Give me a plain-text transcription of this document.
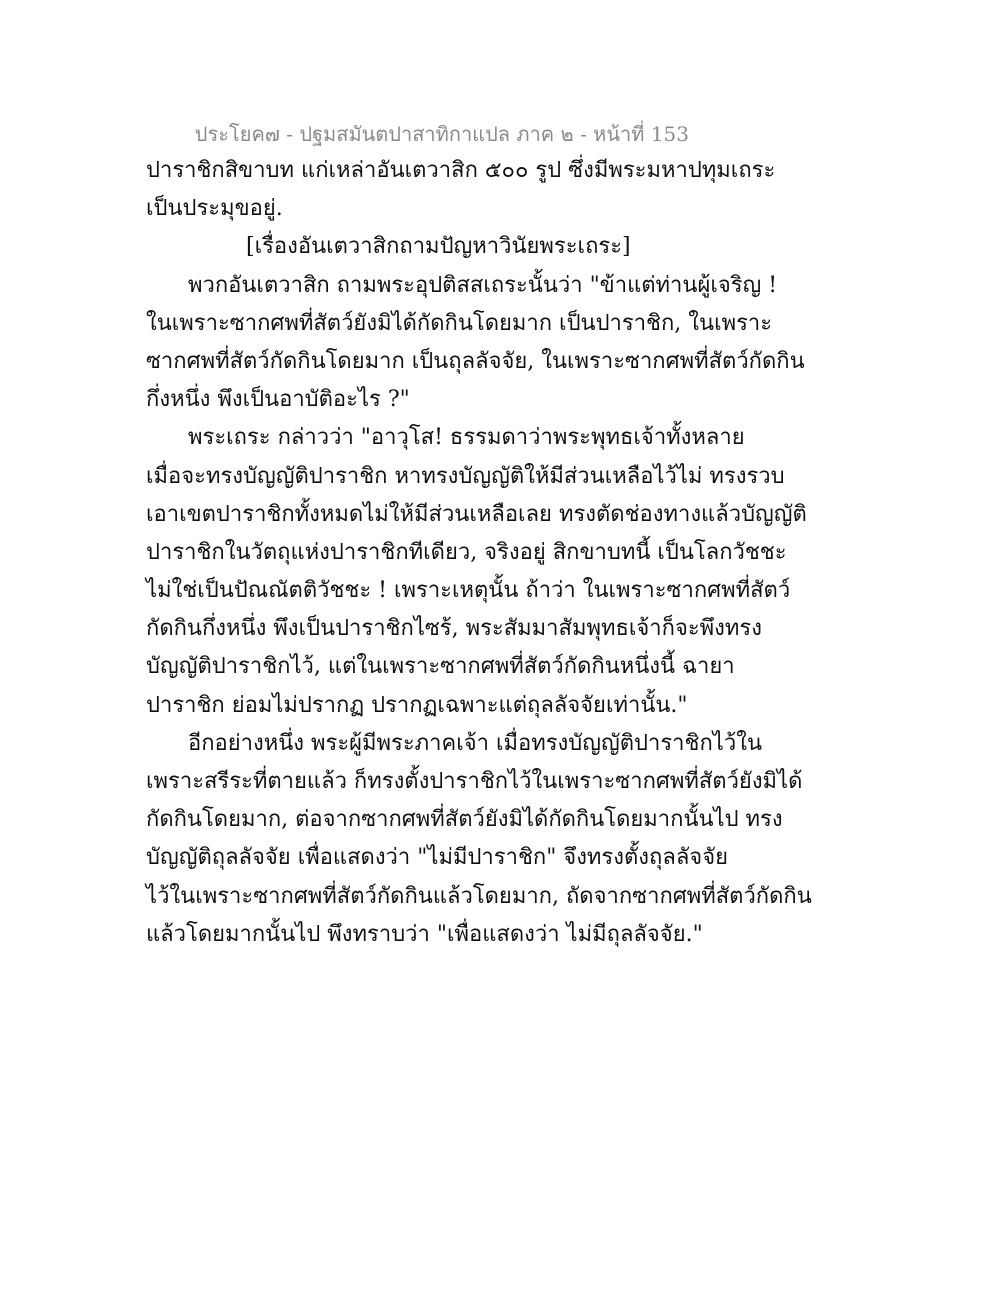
ประโยค๗ - ปฐมสมันตปาสาทิกาแปล ภาค ๒ - หน้าที่ 153
ปาราชิกสิขาบท แก่เหล่าอันเตวาสิก ๕๐๐ รูป ซึ่งมีพระมหาปทุมเถระ
เป็นประมุขอยู่.
[เรื่องอันเตวาสิกถามปัญหาวินัยพระเถระ]
พวกอันเตวาสิก ถามพระอุปติสสเถระนั้นว่า "ข้าแต่ท่านผู้เจริญ !
ในเพราะซากศพที่สัตว์ยังมิได้กัดกินโดยมาก เป็นปาราชิก, ในเพราะ
ซากศพที่สัตว์กัดกินโดยมาก เป็นถุลลัจจัย, ในเพราะซากศพที่สัตว์กัดกิน
กึ่งหนึ่ง พึงเป็นอาบัติอะไร ?"
พระเถระ กล่าวว่า "อาวุโส! ธรรมดาว่าพระพุทธเจ้าทั้งหลาย
เมื่อจะทรงบัญญัติปาราชิก หาทรงบัญญัติให้มีส่วนเหลือไว้ไม่ ทรงรวบ
เอาเขตปาราชิกทั้งหมดไม่ให้มีส่วนเหลือเลย ทรงตัดช่องทางแล้วบัญญัติ
ปาราชิกในวัตถุแห่งปาราชิกทีเดียว, จริงอยู่ สิกขาบทนี้ เป็นโลกวัชชะ
ไม่ใช่เป็นปัณณัตติวัชชะ ! เพราะเหตุนั้น ถ้าว่า ในเพราะซากศพที่สัตว์
กัดกินกึ่งหนึ่ง พึงเป็นปาราชิกไซร้, พระสัมมาสัมพุทธเจ้าก็จะพึงทรง
บัญญัติปาราชิกไว้, แต่ในเพราะซากศพที่สัตว์กัดกินหนึ่งนี้ ฉายา
ปาราชิก ย่อมไม่ปรากฏ ปรากฏเฉพาะแต่ถุลลัจจัยเท่านั้น."
อีกอย่างหนึ่ง พระผู้มีพระภาคเจ้า เมื่อทรงบัญญัติปาราชิกไว้ใน
เพราะสรีระที่ตายแล้ว ก็ทรงตั้งปาราชิกไว้ในเพราะซากศพที่สัตว์ยังมิได้
กัดกินโดยมาก, ต่อจากซากศพที่สัตว์ยังมิได้กัดกินโดยมากนั้นไป ทรง
บัญญัติถุลลัจจัย เพื่อแสดงว่า "ไม่มีปาราชิก" จึงทรงตั้งถุลลัจจัย
ไว้ในเพราะซากศพที่สัตว์กัดกินแล้วโดยมาก, ถัดจากซากศพที่สัตว์กัดกิน
แล้วโดยมากนั้นไป พึงทราบว่า "เพื่อแสดงว่า ไม่มีถุลลัจจัย."
